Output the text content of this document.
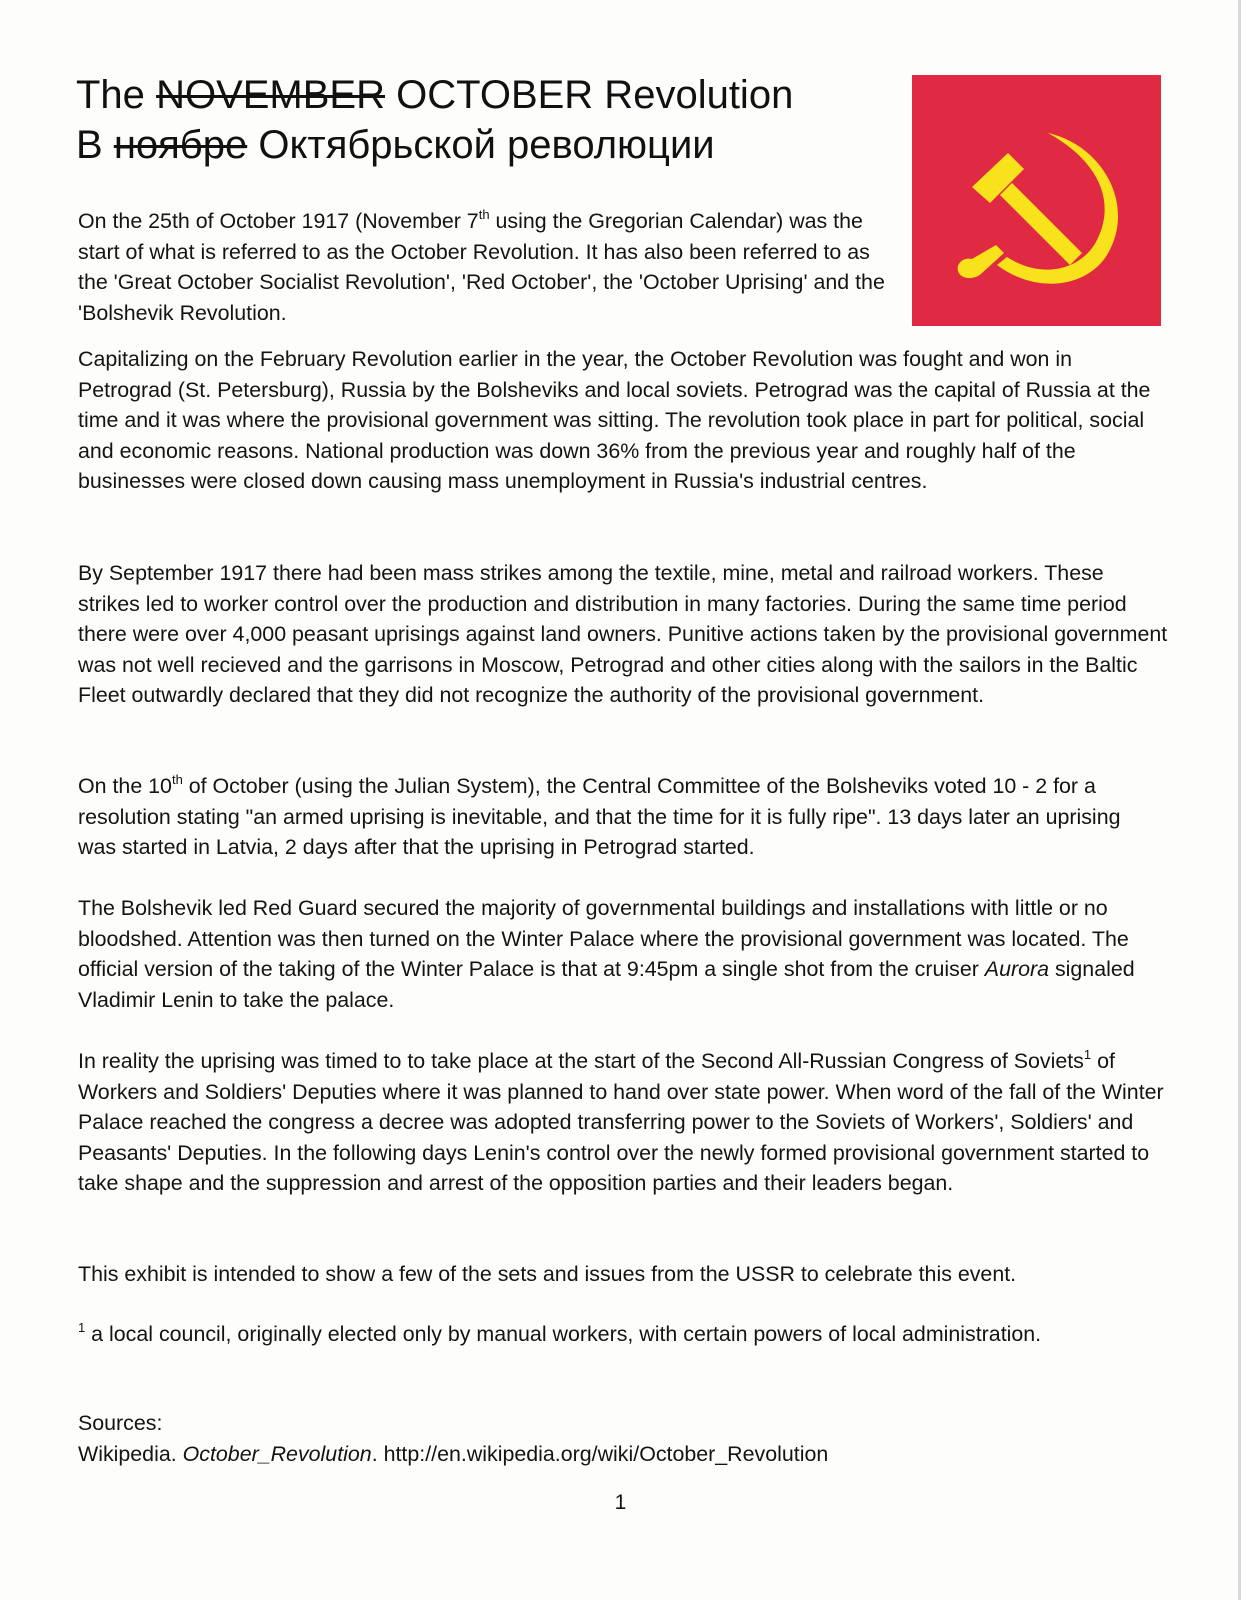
The NOVEMBER OCTOBER Revolution
В ноябре Октябрьской революции

On the 25th of October 1917 (November 7th using the Gregorian Calendar) was the start of what is referred to as the October Revolution. It has also been referred to as the 'Great October Socialist Revolution', 'Red October', the 'October Uprising' and the 'Bolshevik Revolution.

Capitalizing on the February Revolution earlier in the year, the October Revolution was fought and won in Petrograd (St. Petersburg), Russia by the Bolsheviks and local soviets. Petrograd was the capital of Russia at the time and it was where the provisional government was sitting. The revolution took place in part for political, social and economic reasons. National production was down 36% from the previous year and roughly half of the businesses were closed down causing mass unemployment in Russia's industrial centres.

By September 1917 there had been mass strikes among the textile, mine, metal and railroad workers. These strikes led to worker control over the production and distribution in many factories. During the same time period there were over 4,000 peasant uprisings against land owners. Punitive actions taken by the provisional government was not well recieved and the garrisons in Moscow, Petrograd and other cities along with the sailors in the Baltic Fleet outwardly declared that they did not recognize the authority of the provisional government.

On the 10th of October (using the Julian System), the Central Committee of the Bolsheviks voted 10 - 2 for a resolution stating "an armed uprising is inevitable, and that the time for it is fully ripe". 13 days later an uprising was started in Latvia, 2 days after that the uprising in Petrograd started.

The Bolshevik led Red Guard secured the majority of governmental buildings and installations with little or no bloodshed. Attention was then turned on the Winter Palace where the provisional government was located. The official version of the taking of the Winter Palace is that at 9:45pm a single shot from the cruiser Aurora signaled Vladimir Lenin to take the palace.

In reality the uprising was timed to to take place at the start of the Second All-Russian Congress of Soviets$^1$ of Workers and Soldiers' Deputies where it was planned to hand over state power. When word of the fall of the Winter Palace reached the congress a decree was adopted transferring power to the Soviets of Workers', Soldiers' and Peasants' Deputies. In the following days Lenin's control over the newly formed provisional government started to take shape and the suppression and arrest of the opposition parties and their leaders began.

This exhibit is intended to show a few of the sets and issues from the USSR to celebrate this event.

$^1$ a local council, originally elected only by manual workers, with certain powers of local administration.

Sources:
Wikipedia. October_Revolution. http://en.wikipedia.org/wiki/October_Revolution

1
